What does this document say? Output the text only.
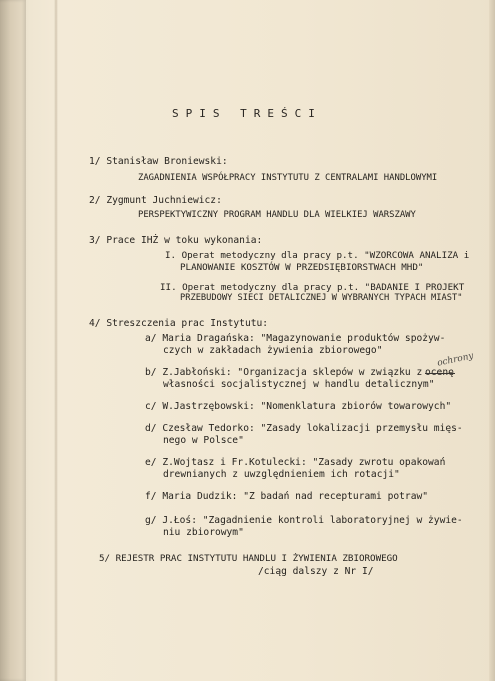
SPIS TREŚCI
1/ Stanisław Broniewski:
ZAGADNIENIA WSPÓŁPRACY INSTYTUTU Z CENTRALAMI HANDLOWYMI
2/ Zygmunt Juchniewicz:
PERSPEKTYWICZNY PROGRAM HANDLU DLA WIELKIEJ WARSZAWY
3/ Prace IHŻ w toku wykonania:
I. Operat metodyczny dla pracy p.t. "WZORCOWA ANALIZA i
PLANOWANIE KOSZTÓW W PRZEDSIĘBIORSTWACH MHD"
II. Operat metodyczny dla pracy p.t. "BADANIE I PROJEKT
PRZEBUDOWY SIECI DETALICZNEJ W WYBRANYCH TYPACH MIAST"
4/ Streszczenia prac Instytutu:
a/ Maria Dragańska: "Magazynowanie produktów spożyw-
czych w zakładach żywienia zbiorowego"
b/ Z.Jabłoński: "Organizacja sklepów w związku z
ochrony
własności socjalistycznej w handlu detalicznym"
c/ W.Jastrzębowski: "Nomenklatura zbiorów towarowych"
d/ Czesław Tedorko: "Zasady lokalizacji przemysłu mięs-
nego w Polsce"
e/ Z.Wojtasz i Fr.Kotulecki: "Zasady zwrotu opakowań
drewnianych z uwzględnieniem ich rotacji"
f/ Maria Dudzik: "Z badań nad recepturami potraw"
g/ J.Łoś: "Zagadnienie kontroli laboratoryjnej w żywie-
niu zbiorowym"
5/ REJESTR PRAC INSTYTUTU HANDLU I ŻYWIENIA ZBIOROWEGO
/ciąg dalszy z Nr I/
